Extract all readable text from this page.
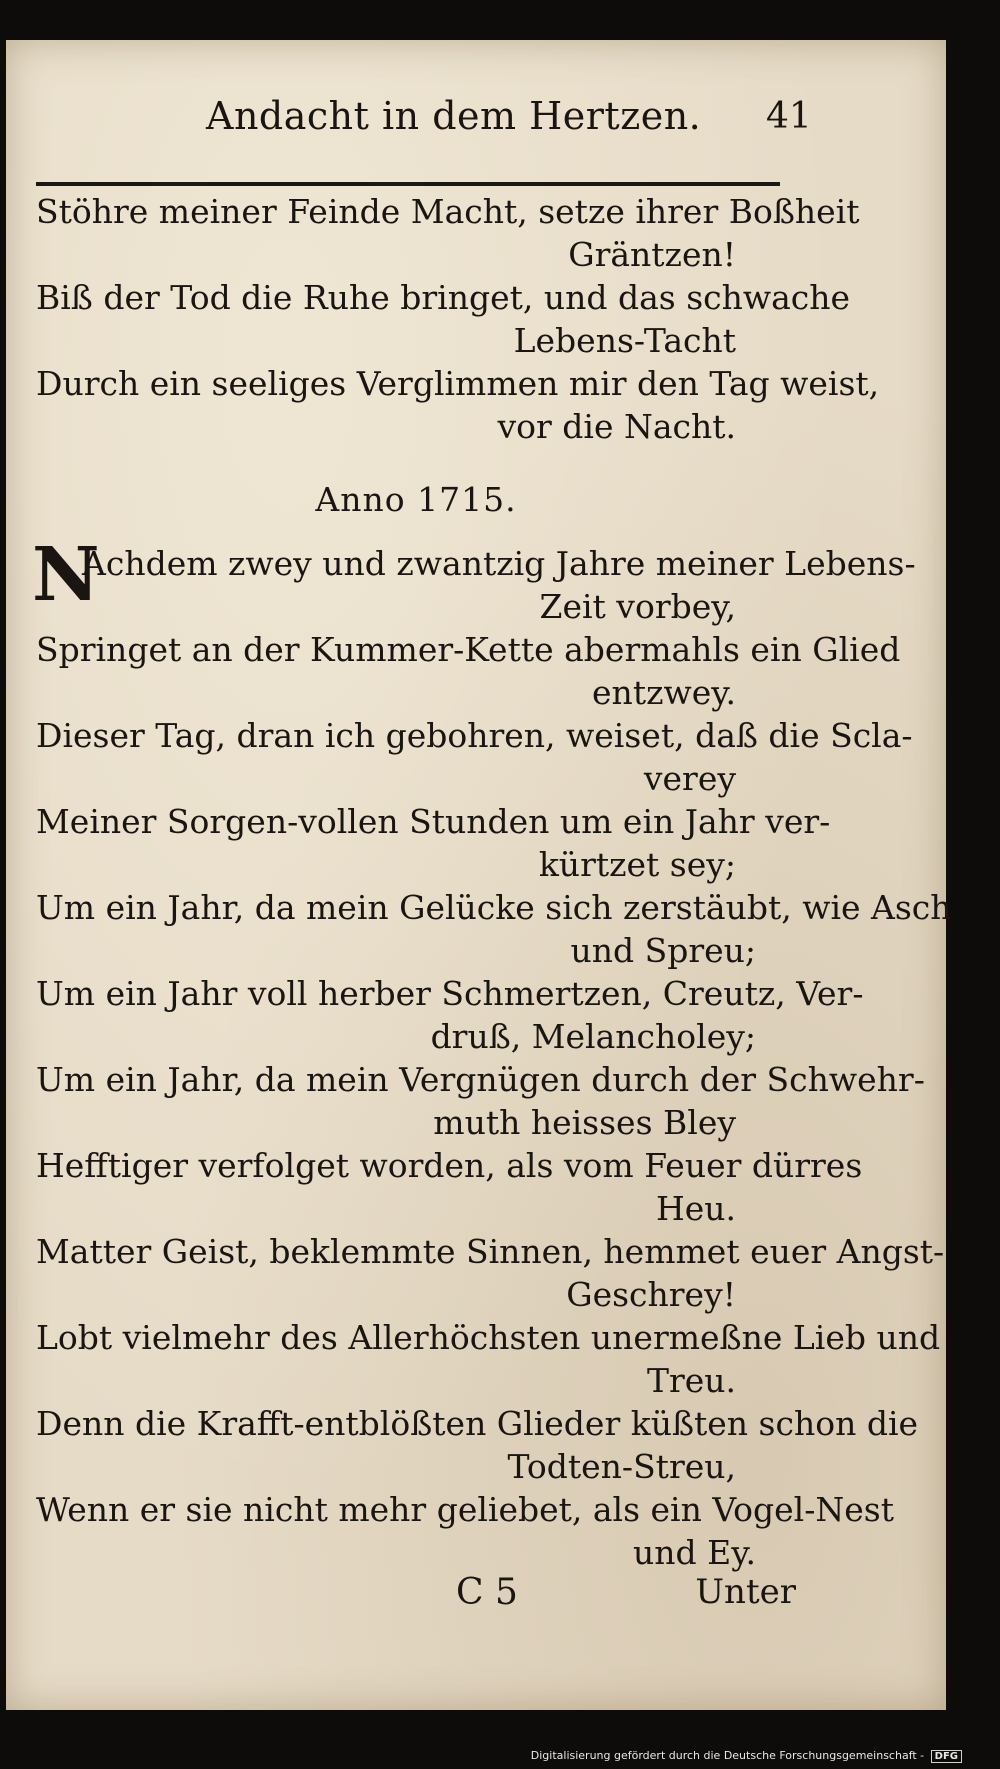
Andacht in dem Hertzen. 41
Stöhre meiner Feinde Macht, setze ihrer Boßheit
Gräntzen!
Biß der Tod die Ruhe bringet, und das schwache
Lebens-Tacht
Durch ein seeliges Verglimmen mir den Tag weist,
vor die Nacht.
Anno 1715.
N
Achdem zwey und zwantzig Jahre meiner Lebens-
Zeit vorbey,
Springet an der Kummer-Kette abermahls ein Glied
entzwey.
Dieser Tag, dran ich gebohren, weiset, daß die Scla-
verey
Meiner Sorgen-vollen Stunden um ein Jahr ver-
kürtzet sey;
Um ein Jahr, da mein Gelücke sich zerstäubt, wie Asch
und Spreu;
Um ein Jahr voll herber Schmertzen, Creutz, Ver-
druß, Melancholey;
Um ein Jahr, da mein Vergnügen durch der Schwehr-
muth heisses Bley
Hefftiger verfolget worden, als vom Feuer dürres
Heu.
Matter Geist, beklemmte Sinnen, hemmet euer Angst-
Geschrey!
Lobt vielmehr des Allerhöchsten unermeßne Lieb und
Treu.
Denn die Krafft-entblößten Glieder küßten schon die
Todten-Streu,
Wenn er sie nicht mehr geliebet, als ein Vogel-Nest
und Ey.
C 5	Unter
Digitalisierung gefördert durch die Deutsche Forschungsgemeinschaft - DFG
